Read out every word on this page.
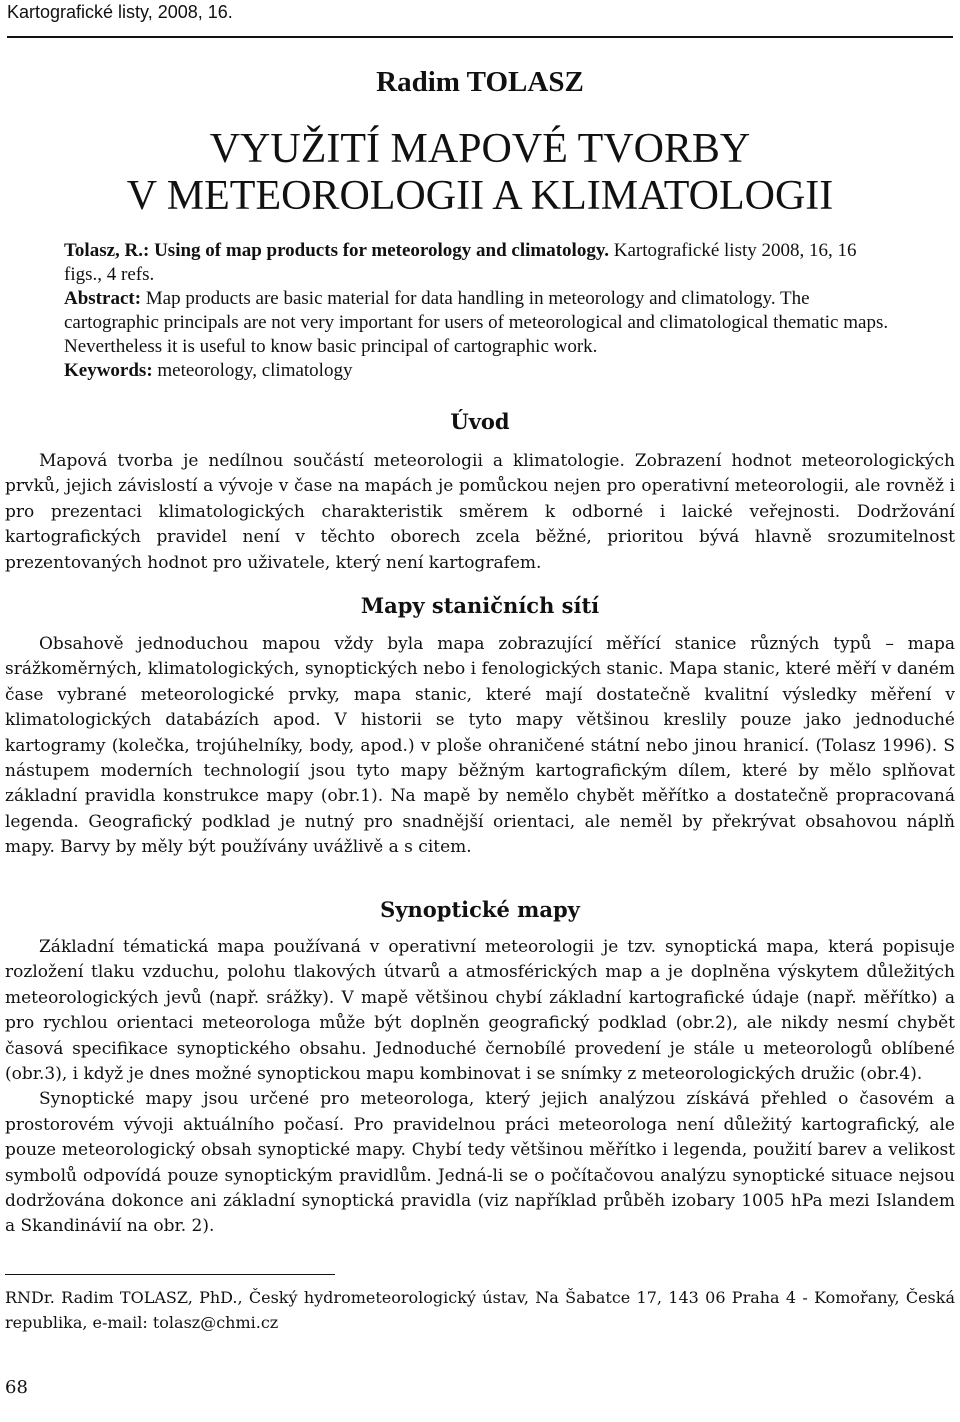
Kartografické listy, 2008, 16.
Radim TOLASZ
VYUŽITÍ MAPOVÉ TVORBY
V METEOROLOGII A KLIMATOLOGII

Tolasz, R.: Using of map products for meteorology and climatology. Kartografické listy 2008, 16, 16 figs., 4 refs.

Abstract: Map products are basic material for data handling in meteorology and climatology. The cartographic principals are not very important for users of meteorological and climatological thematic maps. Nevertheless it is useful to know basic principal of cartographic work.

Keywords: meteorology, climatology

Úvod

Mapová tvorba je nedílnou součástí meteorologii a klimatologie. Zobrazení hodnot meteorologických prvků, jejich závislostí a vývoje v čase na mapách je pomůckou nejen pro operativní meteorologii, ale rovněž i pro prezentaci klimatologických charakteristik směrem k odborné i laické veřejnosti. Dodržování kartografických pravidel není v těchto oborech zcela běžné, prioritou bývá hlavně srozumitelnost prezentovaných hodnot pro uživatele, který není kartografem.

Mapy staničních sítí

Obsahově jednoduchou mapou vždy byla mapa zobrazující měřící stanice různých typů – mapa srážkoměrných, klimatologických, synoptických nebo i fenologických stanic. Mapa stanic, které měří v daném čase vybrané meteorologické prvky, mapa stanic, které mají dostatečně kvalitní výsledky měření v klimatologických databázích apod. V historii se tyto mapy většinou kreslily pouze jako jednoduché kartogramy (kolečka, trojúhelníky, body, apod.) v ploše ohraničené státní nebo jinou hranicí. (Tolasz 1996). S nástupem moderních technologií jsou tyto mapy běžným kartografickým dílem, které by mělo splňovat základní pravidla konstrukce mapy (obr.1). Na mapě by nemělo chybět měřítko a dostatečně propracovaná legenda. Geografický podklad je nutný pro snadnější orientaci, ale neměl by překrývat obsahovou náplň mapy. Barvy by měly být používány uvážlivě a s citem.

Synoptické mapy

Základní tématická mapa používaná v operativní meteorologii je tzv. synoptická mapa, která popisuje rozložení tlaku vzduchu, polohu tlakových útvarů a atmosférických map a je doplněna výskytem důležitých meteorologických jevů (např. srážky). V mapě většinou chybí základní kartografické údaje (např. měřítko) a pro rychlou orientaci meteorologa může být doplněn geografický podklad (obr.2), ale nikdy nesmí chybět časová specifikace synoptického obsahu. Jednoduché černobílé provedení je stále u meteorologů oblíbené (obr.3), i když je dnes možné synoptickou mapu kombinovat i se snímky z meteorologických družic (obr.4).

Synoptické mapy jsou určené pro meteorologa, který jejich analýzou získává přehled o časovém a prostorovém vývoji aktuálního počasí. Pro pravidelnou práci meteorologa není důležitý kartografický, ale pouze meteorologický obsah synoptické mapy. Chybí tedy většinou měřítko i legenda, použití barev a velikost symbolů odpovídá pouze synoptickým pravidlům. Jedná-li se o počítačovou analýzu synoptické situace nejsou dodržována dokonce ani základní synoptická pravidla (viz například průběh izobary 1005 hPa mezi Islandem a Skandinávií na obr. 2).

RNDr. Radim TOLASZ, PhD., Český hydrometeorologický ústav, Na Šabatce 17, 143 06 Praha 4 - Komořany, Česká republika, e-mail: tolasz@chmi.cz
68
